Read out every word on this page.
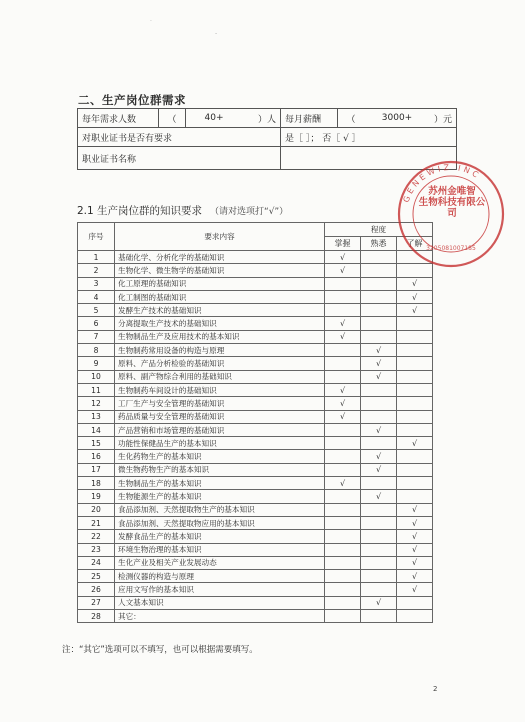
二、生产岗位群需求
每年需求人数	（	40+	）人	每月薪酬	（	3000+	）元
对职业证书是否有要求				是［ ］； 否［ √ ］			
职业证书名称							
2.1 生产岗位群的知识要求 （请对选项打“√”）
序号	要求内容	程度		
		掌握	熟悉	了解
1	基础化学、分析化学的基础知识	√		
2	生物化学、微生物学的基础知识	√		
3	化工原理的基础知识			√
4	化工制图的基础知识			√
5	发酵生产技术的基础知识			√
6	分离提取生产技术的基础知识	√		
7	生物制品生产及应用技术的基本知识	√		
8	生物制药常用设备的构造与原理		√	
9	原料、产品分析检验的基础知识		√	
10	原料、副产物综合利用的基础知识		√	
11	生物制药车间设计的基础知识	√		
12	工厂生产与安全管理的基础知识	√		
13	药品质量与安全管理的基础知识	√		
14	产品营销和市场管理的基础知识		√	
15	功能性保健品生产的基本知识			√
16	生化药物生产的基本知识		√	
17	微生物药物生产的基本知识		√	
18	生物制品生产的基本知识	√		
19	生物能源生产的基本知识		√	
20	食品添加剂、天然提取物生产的基本知识			√
21	食品添加剂、天然提取物应用的基本知识			√
22	发酵食品生产的基本知识			√
23	环境生物治理的基本知识			√
24	生化产业及相关产业发展动态			√
25	检测仪器的构造与原理			√
26	应用文写作的基本知识			√
27	人文基本知识		√	
28	其它：			
注：“其它”选项可以不填写，也可以根据需要填写。
2
GENEWIZ INC
3205081007185
苏州金唯智
生物科技有限公司
·
-
